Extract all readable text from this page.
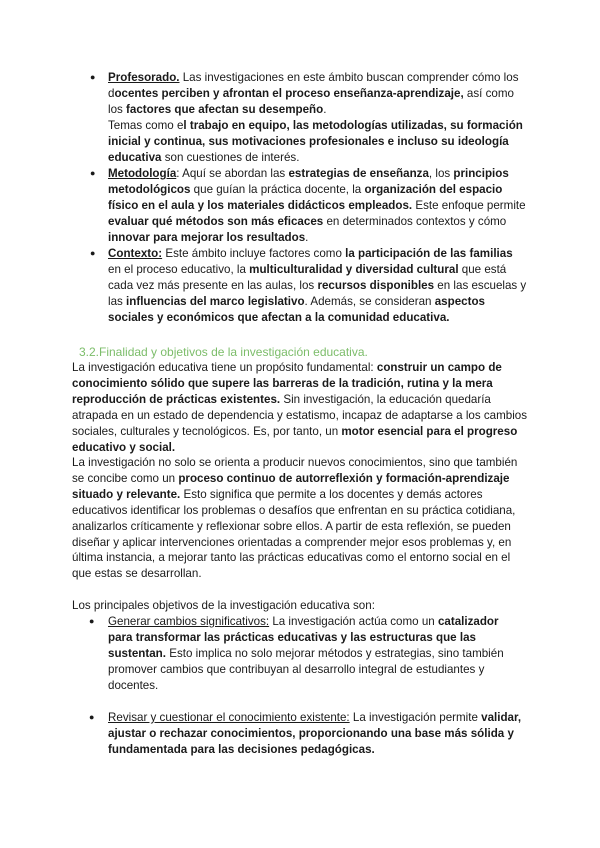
● Profesorado. Las investigaciones en este ámbito buscan comprender cómo los docentes perciben y afrontan el proceso enseñanza-aprendizaje, así como los factores que afectan su desempeño.
Temas como el trabajo en equipo, las metodologías utilizadas, su formación inicial y continua, sus motivaciones profesionales e incluso su ideología educativa son cuestiones de interés.
● Metodología: Aquí se abordan las estrategias de enseñanza, los principios metodológicos que guían la práctica docente, la organización del espacio físico en el aula y los materiales didácticos empleados. Este enfoque permite evaluar qué métodos son más eficaces en determinados contextos y cómo innovar para mejorar los resultados.
● Contexto: Este ámbito incluye factores como la participación de las familias en el proceso educativo, la multiculturalidad y diversidad cultural que está cada vez más presente en las aulas, los recursos disponibles en las escuelas y las influencias del marco legislativo. Además, se consideran aspectos sociales y económicos que afectan a la comunidad educativa.
3.2.Finalidad y objetivos de la investigación educativa.
La investigación educativa tiene un propósito fundamental: construir un campo de conocimiento sólido que supere las barreras de la tradición, rutina y la mera reproducción de prácticas existentes. Sin investigación, la educación quedaría atrapada en un estado de dependencia y estatismo, incapaz de adaptarse a los cambios sociales, culturales y tecnológicos. Es, por tanto, un motor esencial para el progreso educativo y social.
La investigación no solo se orienta a producir nuevos conocimientos, sino que también se concibe como un proceso continuo de autorreflexión y formación-aprendizaje situado y relevante. Esto significa que permite a los docentes y demás actores educativos identificar los problemas o desafíos que enfrentan en su práctica cotidiana, analizarlos críticamente y reflexionar sobre ellos. A partir de esta reflexión, se pueden diseñar y aplicar intervenciones orientadas a comprender mejor esos problemas y, en última instancia, a mejorar tanto las prácticas educativas como el entorno social en el que estas se desarrollan.
Los principales objetivos de la investigación educativa son:
● Generar cambios significativos: La investigación actúa como un catalizador para transformar las prácticas educativas y las estructuras que las sustentan. Esto implica no solo mejorar métodos y estrategias, sino también promover cambios que contribuyan al desarrollo integral de estudiantes y docentes.
● Revisar y cuestionar el conocimiento existente: La investigación permite validar, ajustar o rechazar conocimientos, proporcionando una base más sólida y fundamentada para las decisiones pedagógicas.
